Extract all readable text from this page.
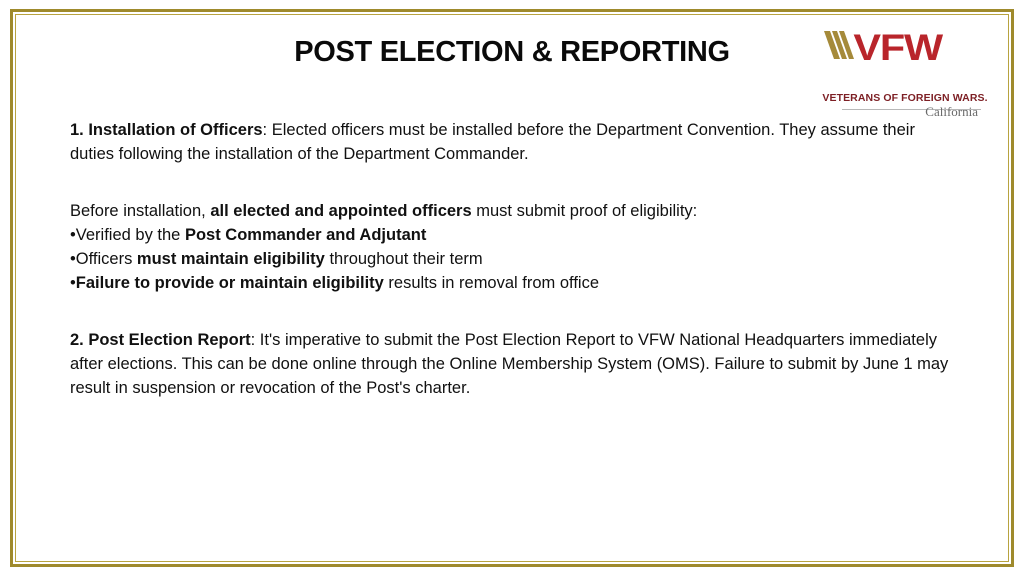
POST ELECTION & REPORTING	VFW
VETERANS OF FOREIGN WARS.
California

1. Installation of Officers: Elected officers must be installed before the Department Convention. They assume their duties following the installation of the Department Commander.

Before installation, all elected and appointed officers must submit proof of eligibility:

•Verified by the Post Commander and Adjutant

•Officers must maintain eligibility throughout their term

•Failure to provide or maintain eligibility results in removal from office

2. Post Election Report: It's imperative to submit the Post Election Report to VFW National Headquarters immediately after elections. This can be done online through the Online Membership System (OMS). Failure to submit by June 1 may result in suspension or revocation of the Post's charter.
